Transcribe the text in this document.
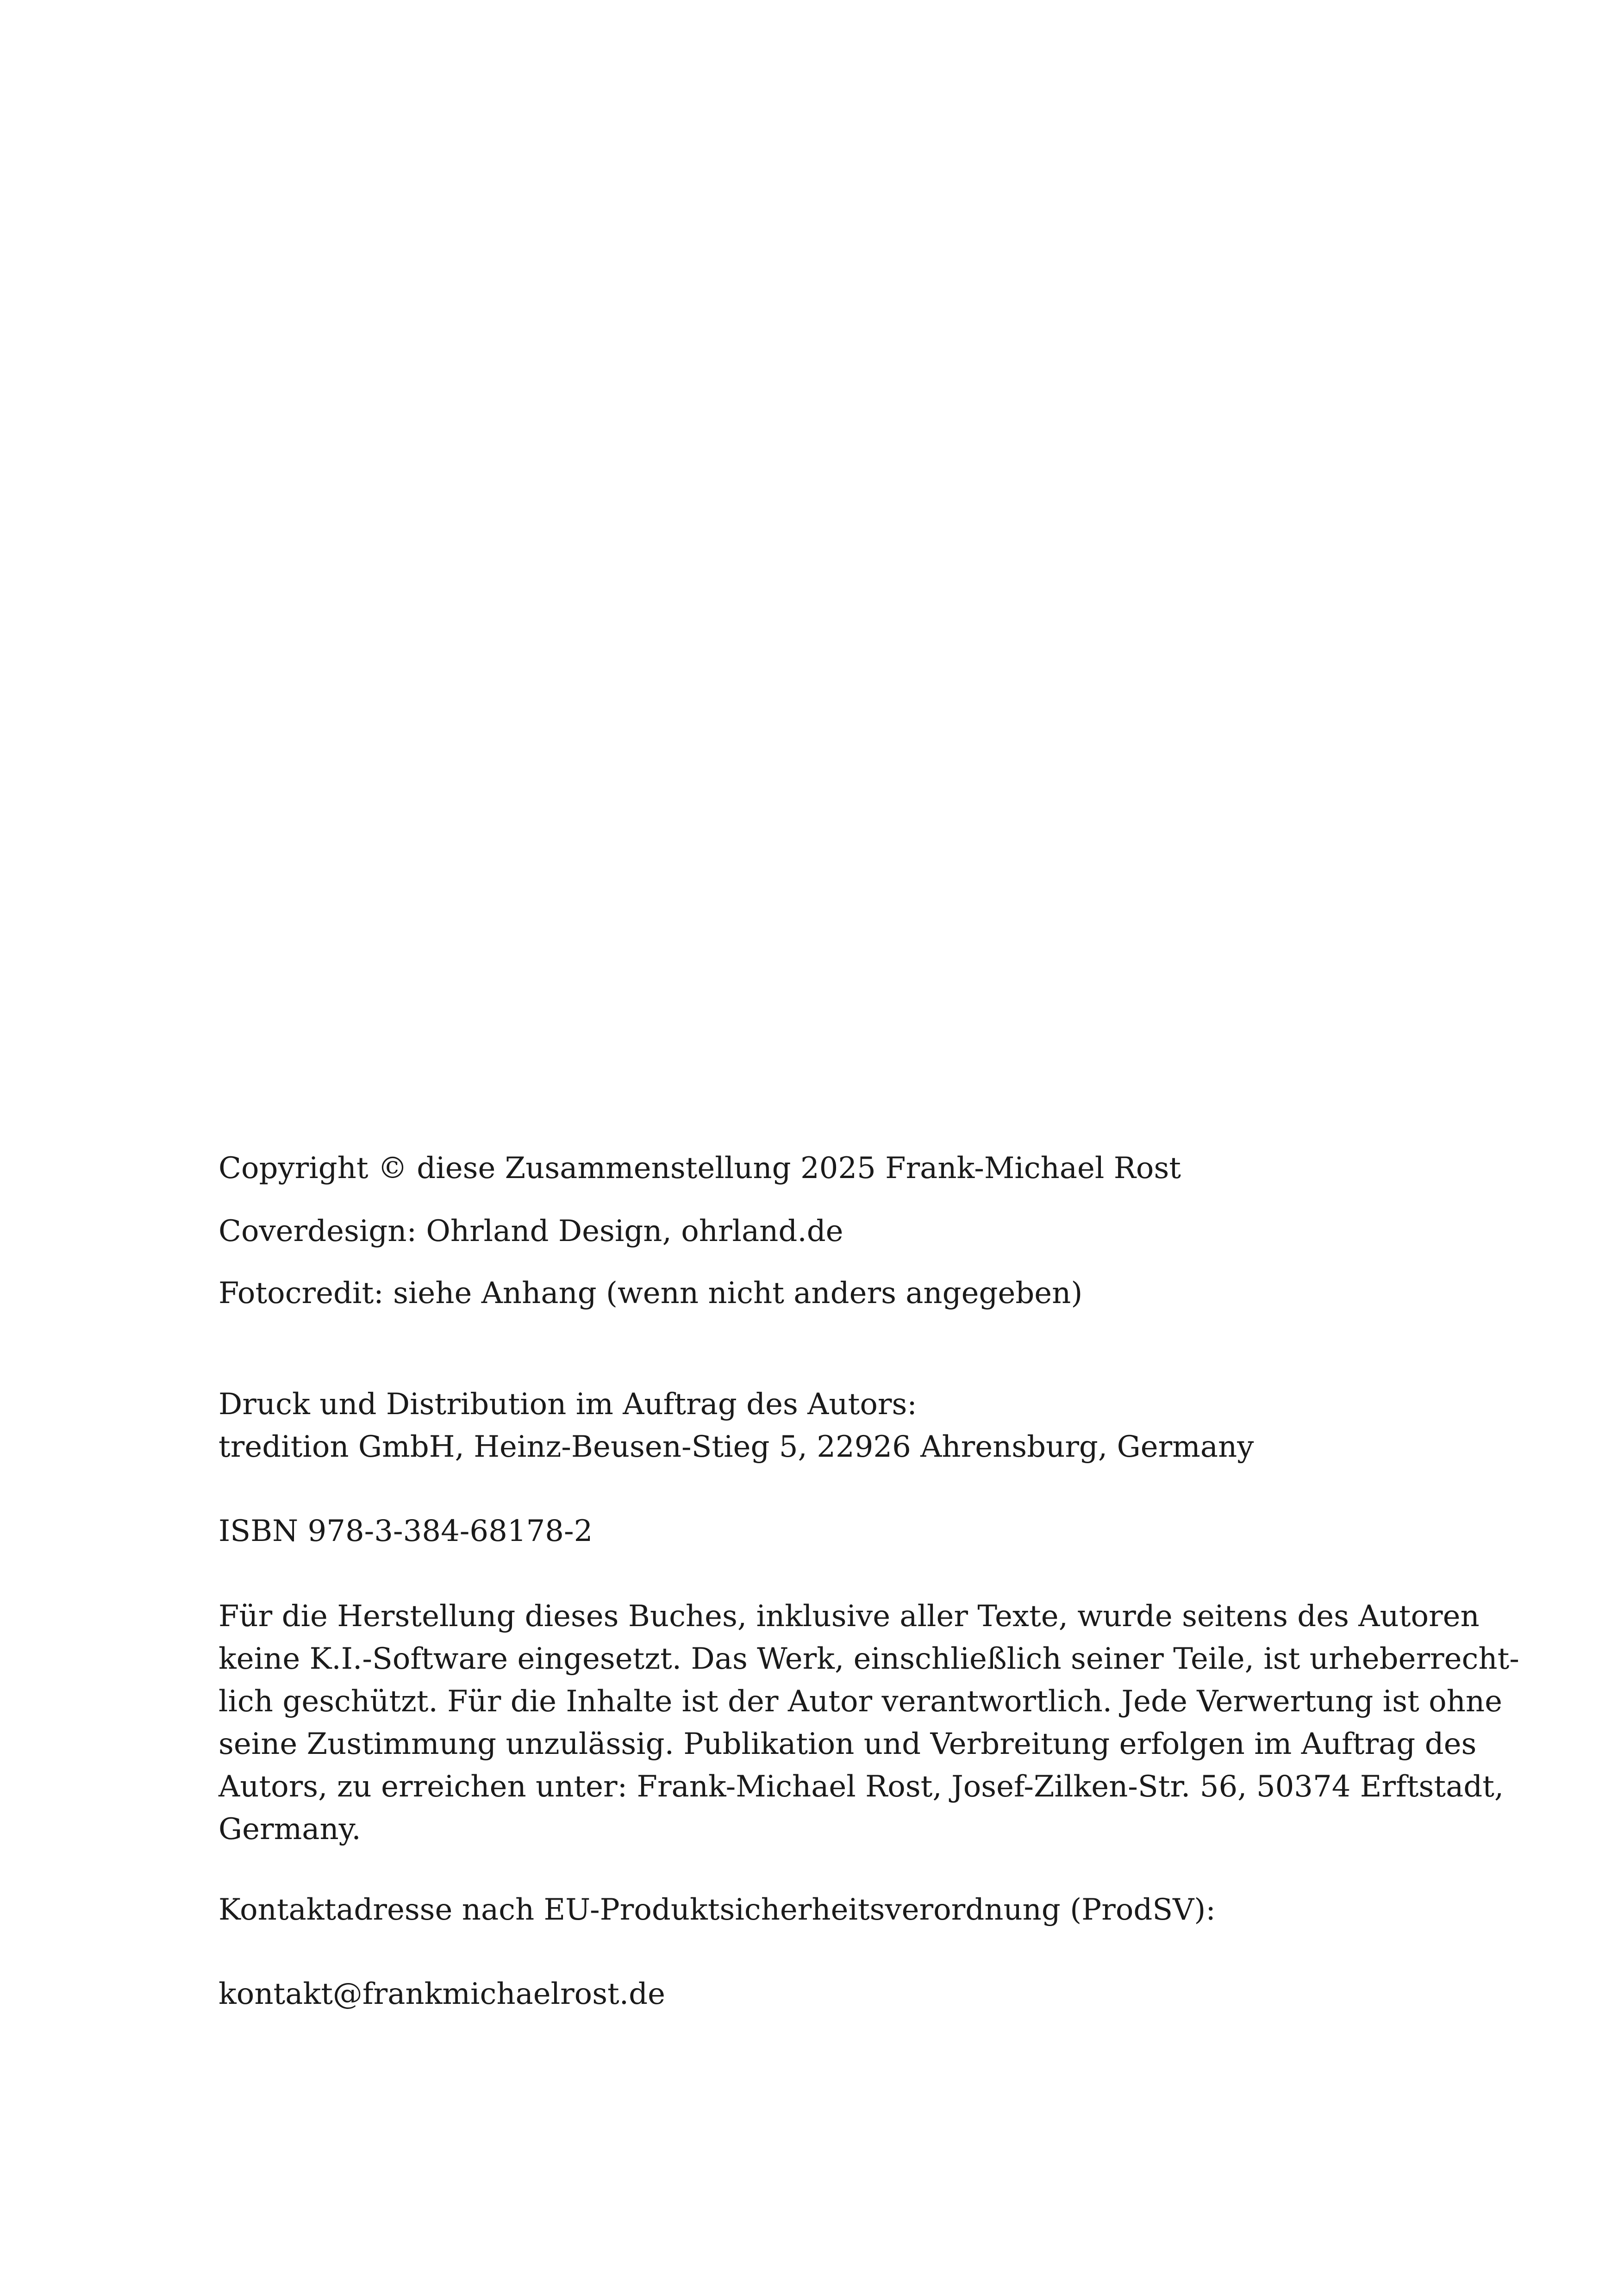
Copyright © diese Zusammenstellung 2025 Frank-Michael Rost
Coverdesign: Ohrland Design, ohrland.de
Fotocredit: siehe Anhang (wenn nicht anders angegeben)
Druck und Distribution im Auftrag des Autors:
tredition GmbH, Heinz-Beusen-Stieg 5, 22926 Ahrensburg, Germany
ISBN 978-3-384-68178-2
Für die Herstellung dieses Buches, inklusive aller Texte, wurde seitens des Autoren
keine K.I.-Software eingesetzt. Das Werk, einschließlich seiner Teile, ist urheberrecht-
lich geschützt. Für die Inhalte ist der Autor verantwortlich. Jede Verwertung ist ohne
seine Zustimmung unzulässig. Publikation und Verbreitung erfolgen im Auftrag des
Autors, zu erreichen unter: Frank-Michael Rost, Josef-Zilken-Str. 56, 50374 Erftstadt,
Germany.
Kontaktadresse nach EU-Produktsicherheitsverordnung (ProdSV):
kontakt@frankmichaelrost.de
